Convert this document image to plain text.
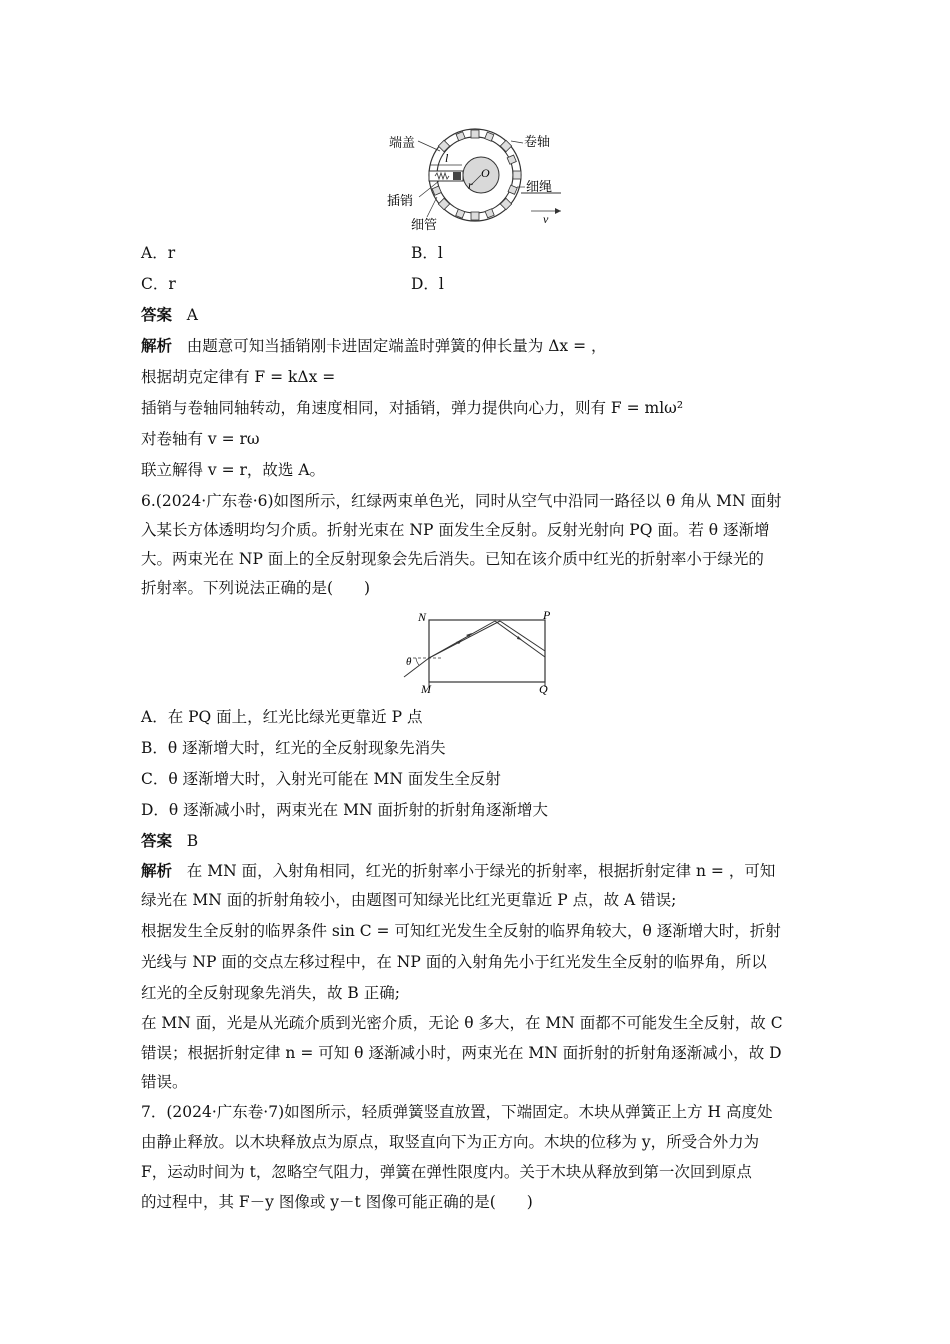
端盖	卷轴
插销
细管
细绳
l
r
O
v
A．r	B．l
C．r	D．l
答案 A
解析 由题意可知当插销刚卡进固定端盖时弹簧的伸长量为 Δx = ，
根据胡克定律有 F = kΔx =
插销与卷轴同轴转动，角速度相同，对插销，弹力提供向心力，则有 F = mlω²
对卷轴有 v = rω
联立解得 v = r，故选 A。
6.(2024·广东卷·6)如图所示，红绿两束单色光，同时从空气中沿同一路径以 θ 角从 MN 面射
入某长方体透明均匀介质。折射光束在 NP 面发生全反射。反射光射向 PQ 面。若 θ 逐渐增
大。两束光在 NP 面上的全反射现象会先后消失。已知在该介质中红光的折射率小于绿光的
折射率。下列说法正确的是(　　)
N	P
M	Q
θ
A．在 PQ 面上，红光比绿光更靠近 P 点
B．θ 逐渐增大时，红光的全反射现象先消失
C．θ 逐渐增大时，入射光可能在 MN 面发生全反射
D．θ 逐渐减小时，两束光在 MN 面折射的折射角逐渐增大
答案 B
解析 在 MN 面，入射角相同，红光的折射率小于绿光的折射率，根据折射定律 n = ，可知
绿光在 MN 面的折射角较小，由题图可知绿光比红光更靠近 P 点，故 A 错误;
根据发生全反射的临界条件 sin C = 可知红光发生全反射的临界角较大，θ 逐渐增大时，折射
光线与 NP 面的交点左移过程中，在 NP 面的入射角先小于红光发生全反射的临界角，所以
红光的全反射现象先消失，故 B 正确;
在 MN 面，光是从光疏介质到光密介质，无论 θ 多大，在 MN 面都不可能发生全反射，故 C
错误；根据折射定律 n = 可知 θ 逐渐减小时，两束光在 MN 面折射的折射角逐渐减小，故 D
错误。
7．(2024·广东卷·7)如图所示，轻质弹簧竖直放置，下端固定。木块从弹簧正上方 H 高度处
由静止释放。以木块释放点为原点，取竖直向下为正方向。木块的位移为 y，所受合外力为
F，运动时间为 t，忽略空气阻力，弹簧在弹性限度内。关于木块从释放到第一次回到原点
的过程中，其 F－y 图像或 y－t 图像可能正确的是(　　)
